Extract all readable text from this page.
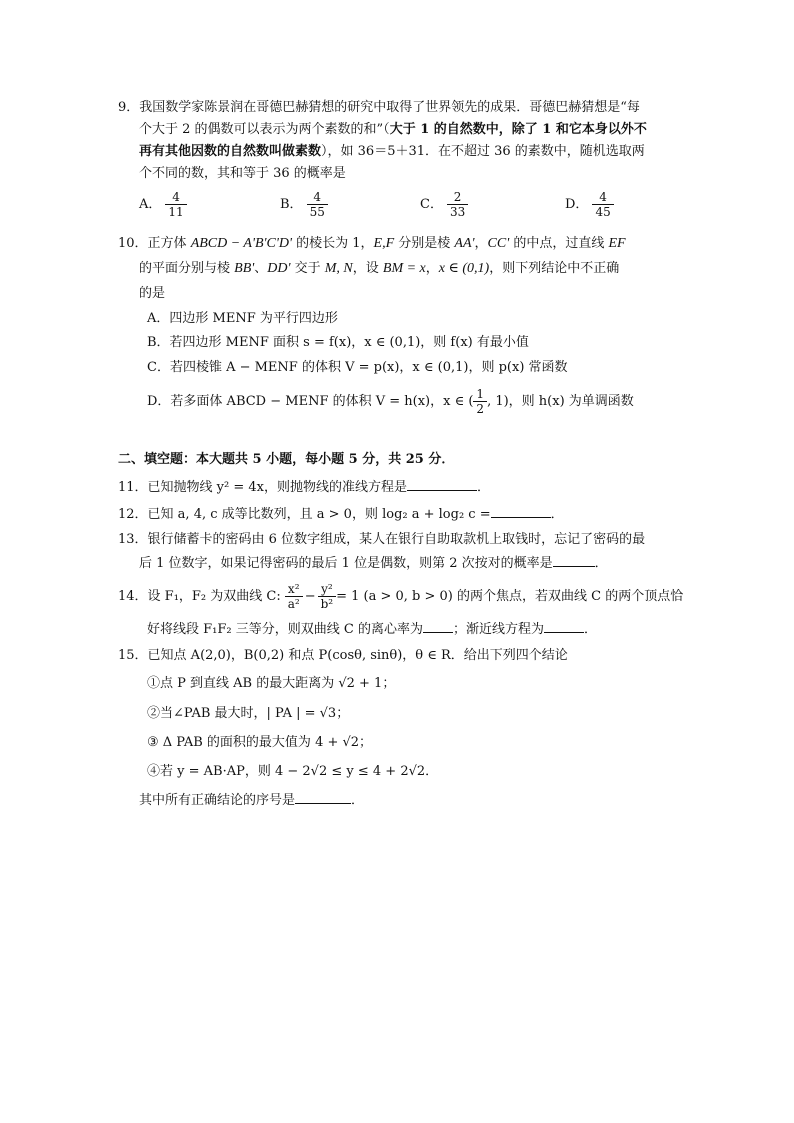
9．我国数学家陈景润在哥德巴赫猜想的研究中取得了世界领先的成果．哥德巴赫猜想是“每
个大于 2 的偶数可以表示为两个素数的和”（大于 1 的自然数中，除了 1 和它本身以外不
再有其他因数的自然数叫做素数），如 36＝5＋31．在不超过 36 的素数中，随机选取两
个不同的数，其和等于 36 的概率是
A． $\frac{4}{11}$	B． $\frac{4}{55}$	C． $\frac{2}{33}$	D． $\frac{4}{45}$
10．正方体 ABCD − A'B'C'D' 的棱长为 1，E,F 分别是棱 AA'，CC' 的中点，过直线 EF
的平面分别与棱 BB'、DD' 交于 M, N，设 BM = x，x ∈ (0,1)，则下列结论中不正确
的是
A．四边形 MENF 为平行四边形
B．若四边形 MENF 面积 s = f(x)，x ∈ (0,1)，则 f(x) 有最小值
C．若四棱锥 A − MENF 的体积 V = p(x)，x ∈ (0,1)，则 p(x) 常函数
D．若多面体 ABCD − MENF 的体积 V = h(x)，x ∈ ( $\frac{1}{2}$ , 1)，则 h(x) 为单调函数
二、填空题：本大题共 5 小题，每小题 5 分，共 25 分．
11．已知抛物线 y² = 4x，则抛物线的准线方程是	．
12．已知 a, 4, c 成等比数列，且 a > 0，则 log₂ a + log₂ c =	．
13．银行储蓄卡的密码由 6 位数字组成，某人在银行自助取款机上取钱时，忘记了密码的最
后 1 位数字，如果记得密码的最后 1 位是偶数，则第 2 次按对的概率是	．
14．设 F₁，F₂ 为双曲线 C: $\frac{\text{x²}}{\text{a²}} - \frac{\text{y²}}{\text{b²}} = 1$ (a > 0, b > 0) 的两个焦点，若双曲线 C 的两个顶点恰
好将线段 F₁F₂ 三等分，则双曲线 C 的离心率为 ；渐近线方程为	．
15．已知点 A(2,0)，B(0,2) 和点 P(cosθ, sinθ)，θ ∈ R．给出下列四个结论
①点 P 到直线 AB 的最大距离为 √2 + 1；
②当∠PAB 最大时，| PA | = √3；
③ Δ PAB 的面积的最大值为 4 + √2；
④若 y = AB·AP，则 4 − 2√2 ≤ y ≤ 4 + 2√2．
其中所有正确结论的序号是	．
